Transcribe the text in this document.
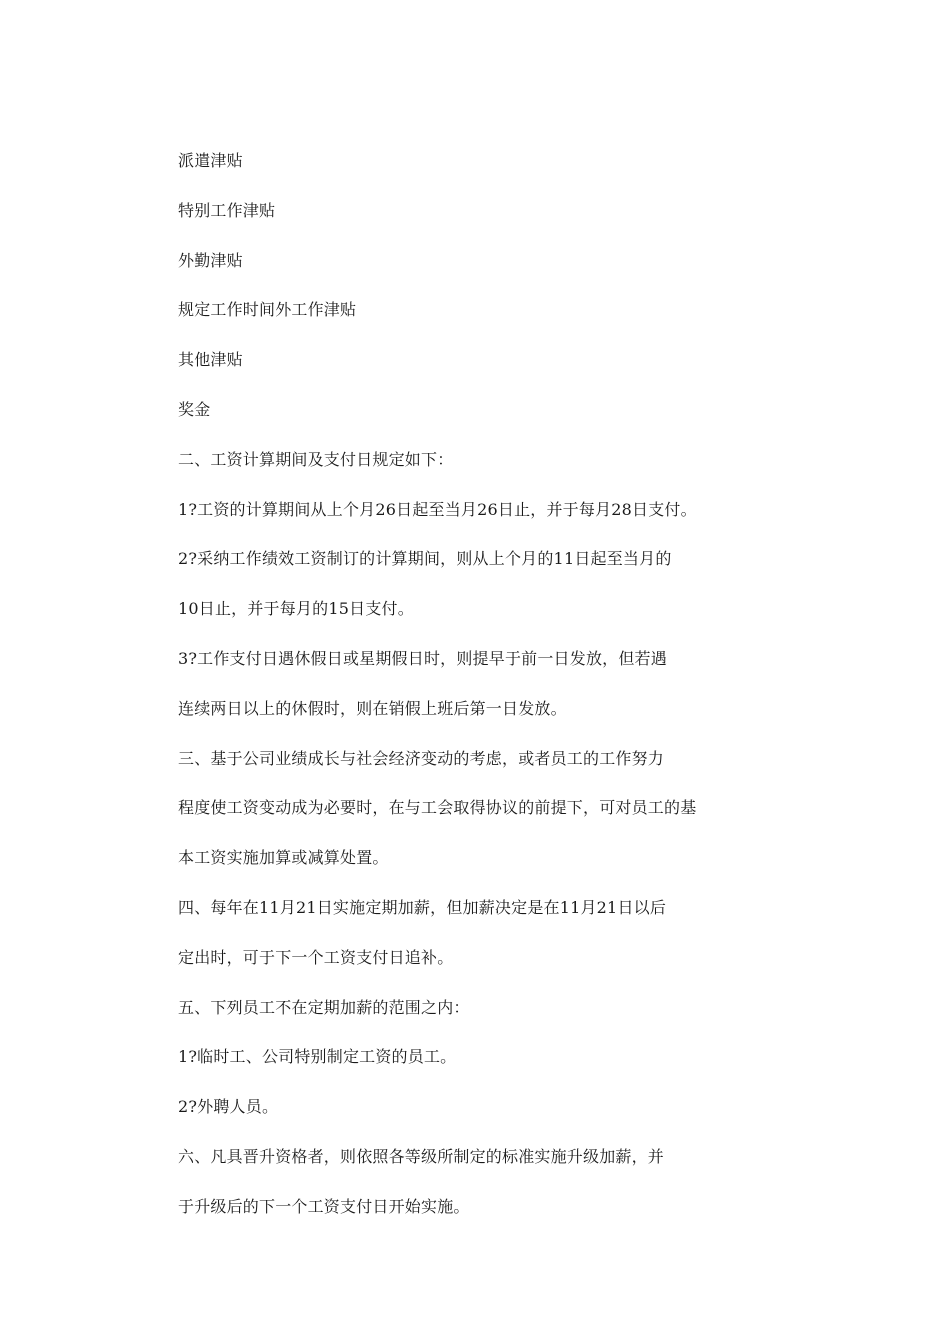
派遣津贴
特别工作津贴
外勤津贴
规定工作时间外工作津贴
其他津贴
奖金
二、工资计算期间及支付日规定如下：
1?工资的计算期间从上个月26日起至当月26日止，并于每月28日支付。
2?采纳工作绩效工资制订的计算期间，则从上个月的11日起至当月的
10日止，并于每月的15日支付。
3?工作支付日遇休假日或星期假日时，则提早于前一日发放，但若遇
连续两日以上的休假时，则在销假上班后第一日发放。
三、基于公司业绩成长与社会经济变动的考虑，或者员工的工作努力
程度使工资变动成为必要时，在与工会取得协议的前提下，可对员工的基
本工资实施加算或减算处置。
四、每年在11月21日实施定期加薪，但加薪决定是在11月21日以后
定出时，可于下一个工资支付日追补。
五、下列员工不在定期加薪的范围之内：
1?临时工、公司特别制定工资的员工。
2?外聘人员。
六、凡具晋升资格者，则依照各等级所制定的标准实施升级加薪，并
于升级后的下一个工资支付日开始实施。
